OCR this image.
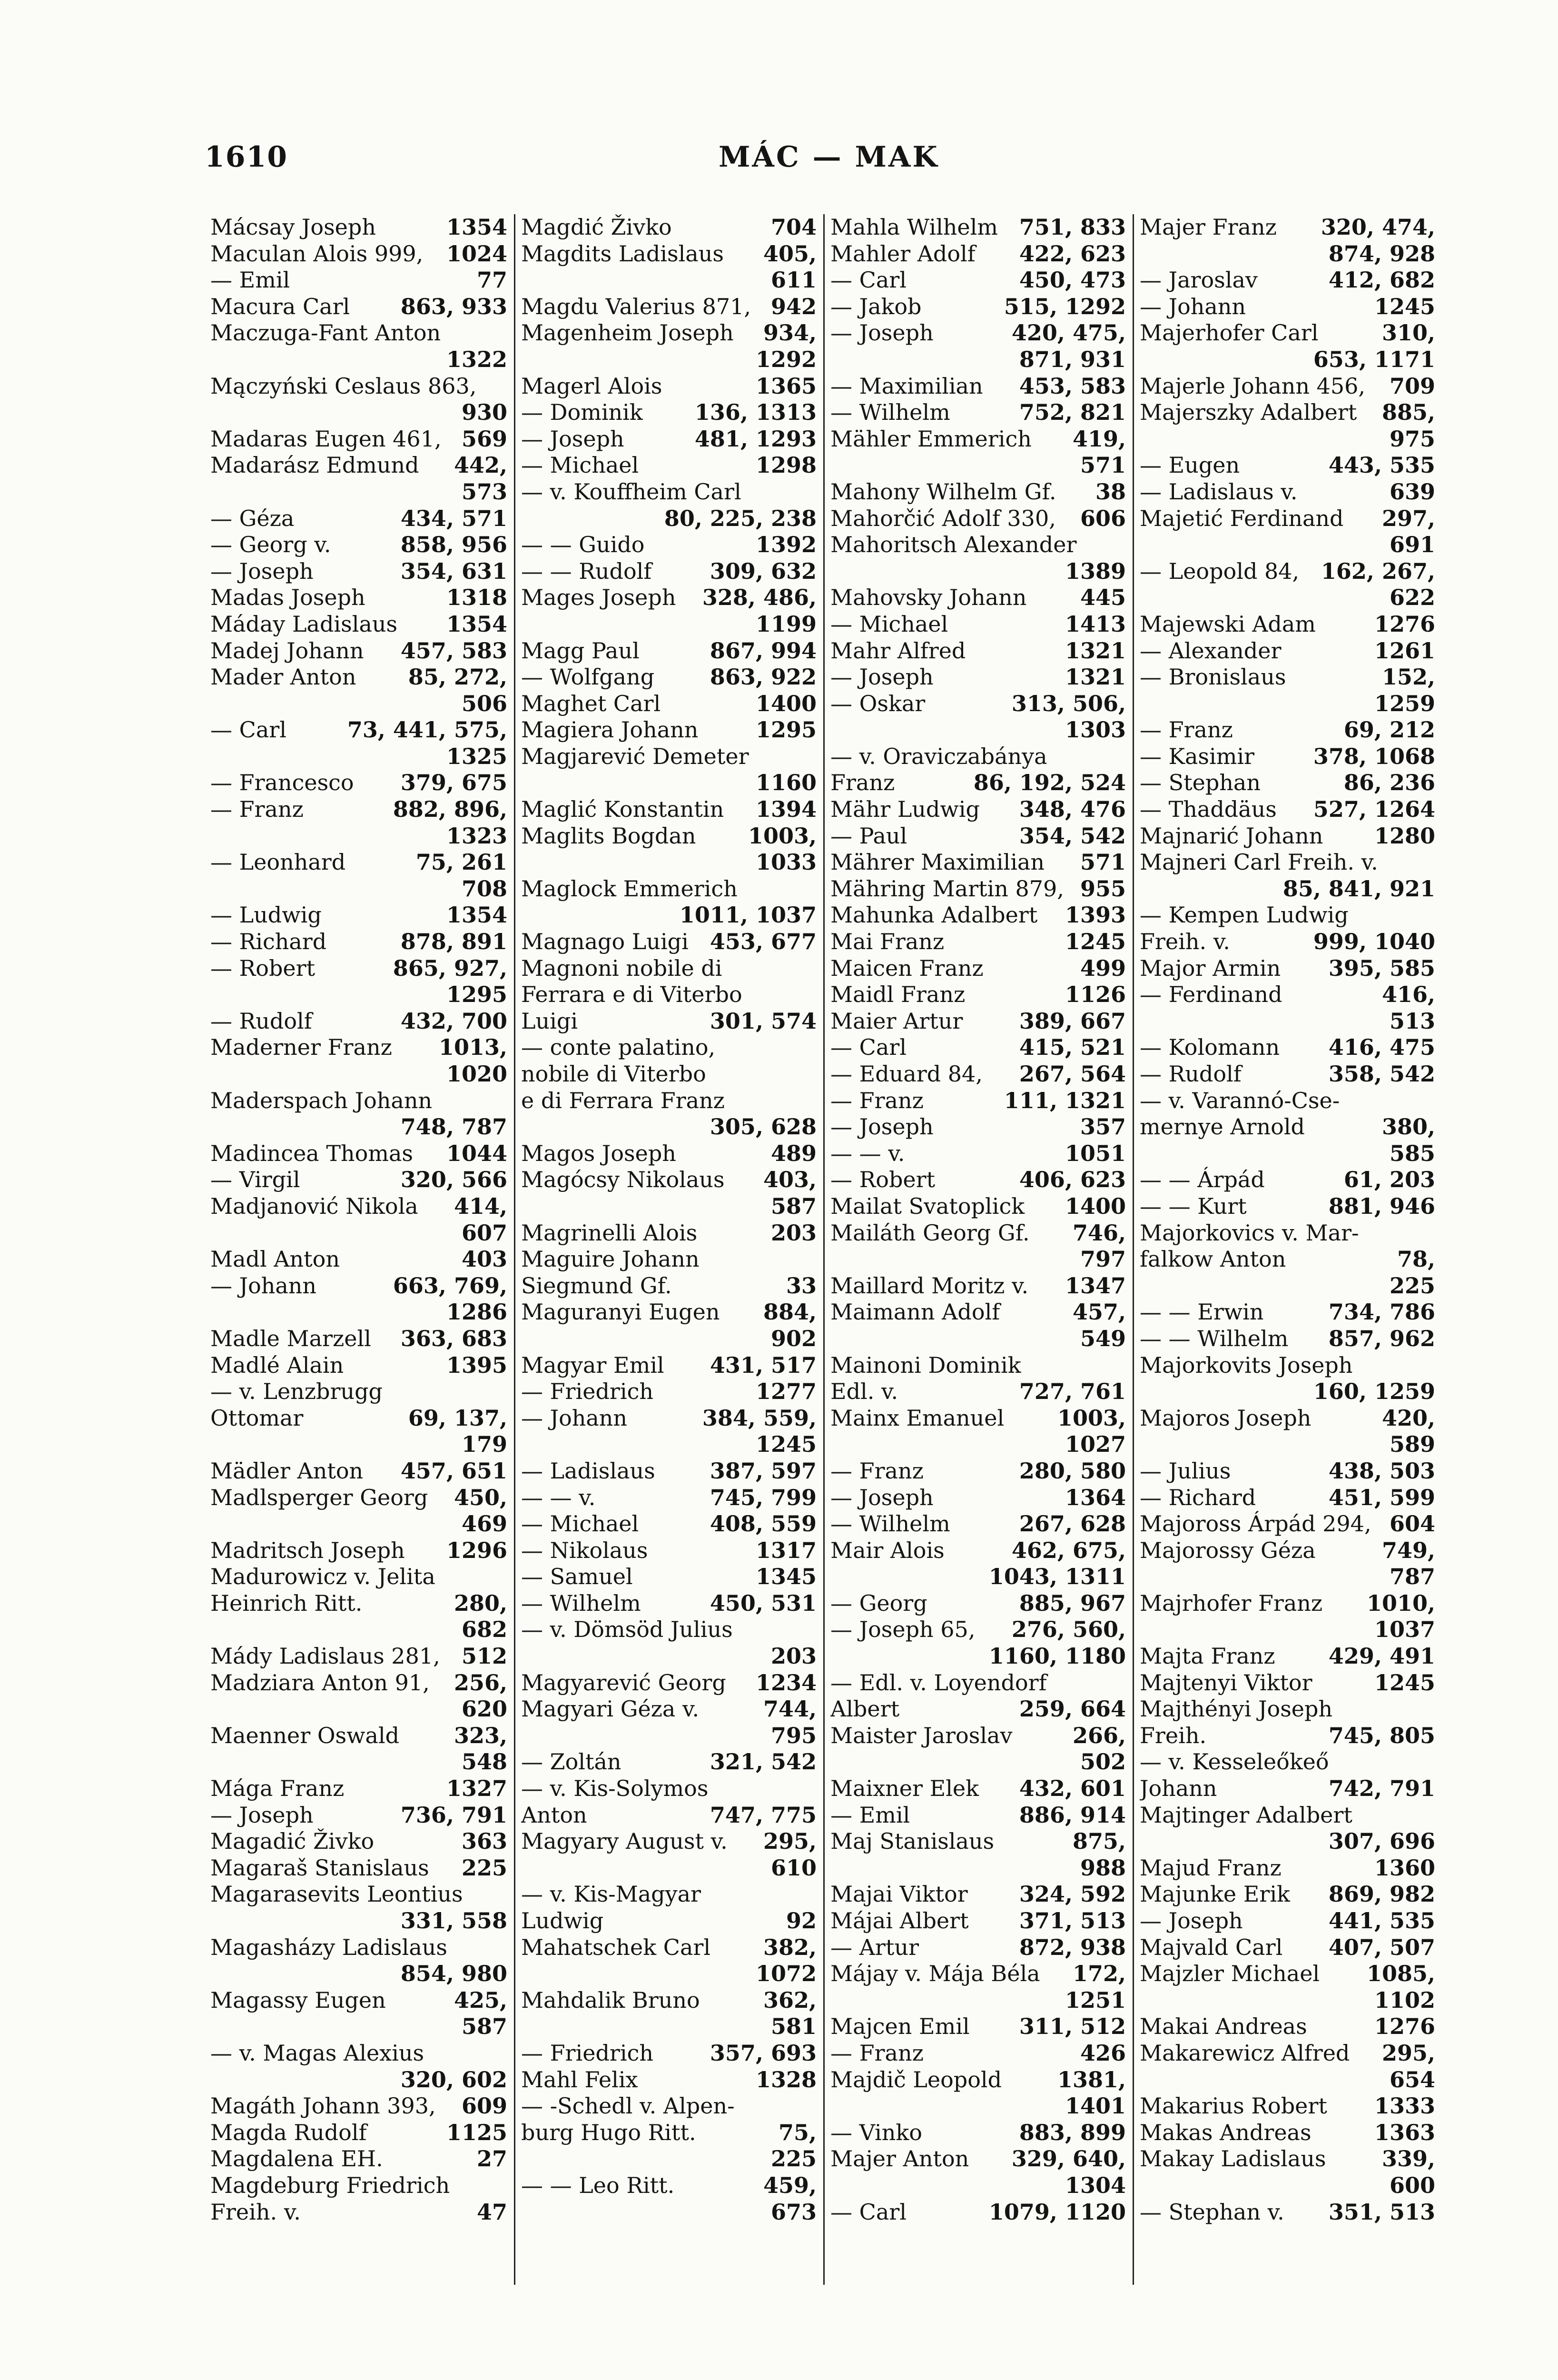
1610	MÁC — MAK
Mácsay Joseph	1354
Maculan Alois 999, 1024
— Emil	77
Macura Carl 863, 933
Maczuga-Fant Anton
1322
Mączyński Ceslaus 863,
930
Madaras Eugen 461, 569
Madarász Edmund 442,
573
— Géza	434, 571
— Georg v.	858, 956
— Joseph	354, 631
Madas Joseph	1318
Máday Ladislaus 1354
Madej Johann 457, 583
Mader Anton 85, 272,
506
— Carl	73, 441, 575,
1325
— Francesco 379, 675
— Franz	882, 896,
1323
— Leonhard	75, 261
708
— Ludwig	1354
— Richard	878, 891
— Robert	865, 927,
1295
— Rudolf	432, 700
Maderner Franz 1013,
1020
Maderspach Johann
748, 787
Madincea Thomas 1044
— Virgil	320, 566
Madjanović Nikola 414,
607
Madl Anton	403
— Johann	663, 769,
1286
Madle Marzell 363, 683
Madlé Alain	1395
— v. Lenzbrugg
Ottomar	69, 137,
179
Mädler Anton 457, 651
Madlsperger Georg 450,
469
Madritsch Joseph 1296
Madurowicz v. Jelita
Heinrich Ritt.	280,
682
Mády Ladislaus 281, 512
Madziara Anton 91, 256,
620
Maenner Oswald 323,
548
Mága Franz	1327
— Joseph	736, 791
Magadić Živko	363
Magaraš Stanislaus 225
Magarasevits Leontius
331, 558
Magasházy Ladislaus
854, 980
Magassy Eugen	425,
587
— v. Magas Alexius
320, 602
Magáth Johann 393, 609
Magda Rudolf	1125
Magdalena EH.	27
Magdeburg Friedrich
Freih. v.	47
Magdić Živko	704
Magdits Ladislaus 405,
611
Magdu Valerius 871, 942
Magenheim Joseph 934,
1292
Magerl Alois	1365
— Dominik 136, 1313
— Joseph	481, 1293
— Michael	1298
— v. Kouffheim Carl
80, 225, 238
— — Guido	1392
— — Rudolf	309, 632
Mages Joseph 328, 486,
1199
Magg Paul	867, 994
— Wolfgang	863, 922
Maghet Carl	1400
Magiera Johann	1295
Magjarević Demeter
1160
Maglić Konstantin 1394
Maglits Bogdan 1003,
1033
Maglock Emmerich
1011, 1037
Magnago Luigi 453, 677
Magnoni nobile di
Ferrara e di Viterbo
Luigi	301, 574
— conte palatino,
nobile di Viterbo
e di Ferrara Franz
305, 628
Magos Joseph	489
Magócsy Nikolaus 403,
587
Magrinelli Alois	203
Maguire Johann
Siegmund Gf.	33
Maguranyi Eugen 884,
902
Magyar Emil 431, 517
— Friedrich	1277
— Johann	384, 559,
1245
— Ladislaus	387, 597
— — v.	745, 799
— Michael	408, 559
— Nikolaus	1317
— Samuel	1345
— Wilhelm	450, 531
— v. Dömsöd Julius
203
Magyarević Georg 1234
Magyari Géza v.	744,
795
— Zoltán	321, 542
— v. Kis-Solymos
Anton	747, 775
Magyary August v. 295,
610
— v. Kis-Magyar
Ludwig	92
Mahatschek Carl 382,
1072
Mahdalik Bruno	362,
581
— Friedrich	357, 693
Mahl Felix	1328
— -Schedl v. Alpen-
burg Hugo Ritt.	75,
225
— — Leo Ritt.	459,
673
Mahla Wilhelm 751, 833
Mahler Adolf 422, 623
— Carl	450, 473
— Jakob	515, 1292
— Joseph	420, 475,
871, 931
— Maximilian 453, 583
— Wilhelm	752, 821
Mähler Emmerich 419,
571
Mahony Wilhelm Gf. 38
Mahorčić Adolf 330, 606
Mahoritsch Alexander
1389
Mahovsky Johann 445
— Michael	1413
Mahr Alfred	1321
— Joseph	1321
— Oskar	313, 506,
1303
— v. Oraviczabánya
Franz	86, 192, 524
Mähr Ludwig 348, 476
— Paul	354, 542
Mährer Maximilian 571
Mähring Martin 879, 955
Mahunka Adalbert 1393
Mai Franz	1245
Maicen Franz	499
Maidl Franz	1126
Maier Artur	389, 667
— Carl	415, 521
— Eduard 84, 267, 564
— Franz	111, 1321
— Joseph	357
— — v.	1051
— Robert	406, 623
Mailat Svatoplick 1400
Mailáth Georg Gf. 746,
797
Maillard Moritz v. 1347
Maimann Adolf	457,
549
Mainoni Dominik
Edl. v.	727, 761
Mainx Emanuel 1003,
1027
— Franz	280, 580
— Joseph	1364
— Wilhelm	267, 628
Mair Alois	462, 675,
1043, 1311
— Georg	885, 967
— Joseph 65, 276, 560,
1160, 1180
— Edl. v. Loyendorf
Albert	259, 664
Maister Jaroslav	266,
502
Maixner Elek 432, 601
— Emil	886, 914
Maj Stanislaus	875,
988
Majai Viktor 324, 592
Májai Albert 371, 513
— Artur	872, 938
Májay v. Mája Béla 172,
1251
Majcen Emil 311, 512
— Franz	426
Majdič Leopold	1381,
1401
— Vinko	883, 899
Majer Anton 329, 640,
1304
— Carl	1079, 1120
Majer Franz 320, 474,
874, 928
— Jaroslav	412, 682
— Johann	1245
Majerhofer Carl	310,
653, 1171
Majerle Johann 456, 709
Majerszky Adalbert 885,
975
— Eugen	443, 535
— Ladislaus v.	639
Majetić Ferdinand 297,
691
— Leopold 84, 162, 267,
622
Majewski Adam	1276
— Alexander	1261
— Bronislaus	152,
1259
— Franz	69, 212
— Kasimir	378, 1068
— Stephan	86, 236
— Thaddäus 527, 1264
Majnarić Johann 1280
Majneri Carl Freih. v.
85, 841, 921
— Kempen Ludwig
Freih. v.	999, 1040
Major Armin 395, 585
— Ferdinand	416,
513
— Kolomann 416, 475
— Rudolf	358, 542
— v. Varannó-Cse-
mernye Arnold	380,
585
— — Árpád	61, 203
— — Kurt	881, 946
Majorkovics v. Mar-
falkow Anton	78,
225
— — Erwin	734, 786
— — Wilhelm 857, 962
Majorkovits Joseph
160, 1259
Majoros Joseph	420,
589
— Julius	438, 503
— Richard	451, 599
Majoross Árpád 294, 604
Majorossy Géza	749,
787
Majrhofer Franz 1010,
1037
Majta Franz 429, 491
Majtenyi Viktor	1245
Majthényi Joseph
Freih.	745, 805
— v. Kesseleőkeő
Johann	742, 791
Majtinger Adalbert
307, 696
Majud Franz	1360
Majunke Erik 869, 982
— Joseph	441, 535
Majvald Carl 407, 507
Majzler Michael 1085,
1102
Makai Andreas	1276
Makarewicz Alfred 295,
654
Makarius Robert 1333
Makas Andreas	1363
Makay Ladislaus	339,
600
— Stephan v. 351, 513
